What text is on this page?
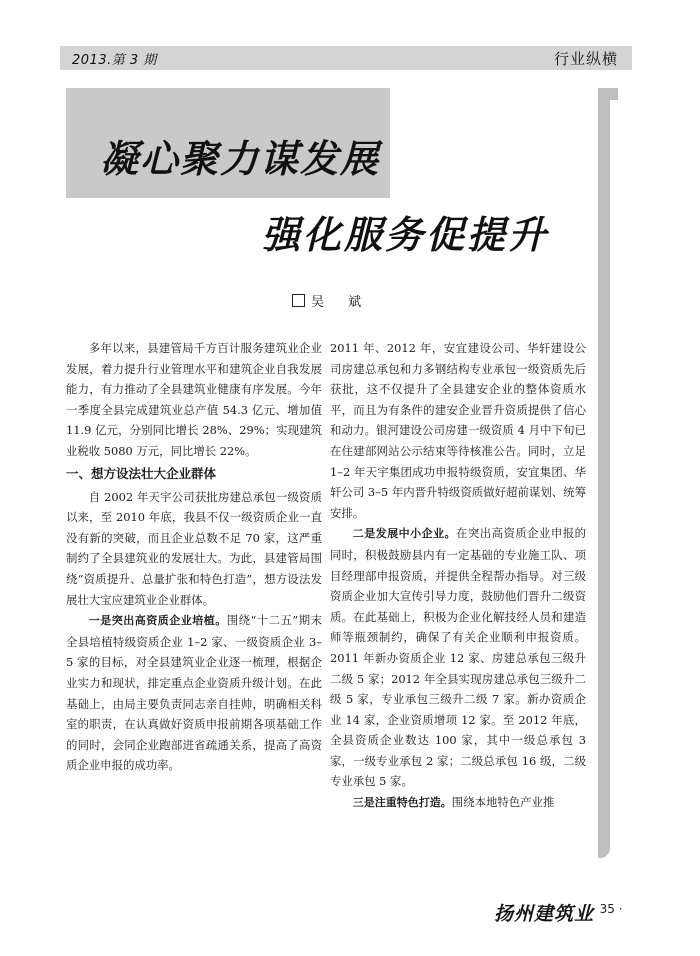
2013.第 3 期	行业纵横
凝心聚力谋发展
强化服务促提升
吴 斌

多年以来，县建管局千方百计服务建筑业企业发展，着力提升行业管理水平和建筑企业自我发展能力，有力推动了全县建筑业健康有序发展。今年一季度全县完成建筑业总产值 54.3 亿元、增加值 11.9 亿元，分别同比增长 28%、29%；实现建筑业税收 5080 万元，同比增长 22%。

一、想方设法壮大企业群体

自 2002 年天宇公司获批房建总承包一级资质以来，至 2010 年底，我县不仅一级资质企业一直没有新的突破，而且企业总数不足 70 家，这严重制约了全县建筑业的发展壮大。为此，县建管局围绕“资质提升、总量扩张和特色打造”，想方设法发展壮大宝应建筑业企业群体。

一是突出高资质企业培植。围绕“十二五”期末全县培植特级资质企业 1–2 家、一级资质企业 3–5 家的目标，对全县建筑业企业逐一梳理，根据企业实力和现状，排定重点企业资质升级计划。在此基础上，由局主要负责同志亲自挂帅，明确相关科室的职责，在认真做好资质申报前期各项基础工作的同时，会同企业跑部进省疏通关系，提高了高资质企业申报的成功率。

2011 年、2012 年，安宜建设公司、华轩建设公司房建总承包和力多钢结构专业承包一级资质先后获批，这不仅提升了全县建安企业的整体资质水平，而且为有条件的建安企业晋升资质提供了信心和动力。银河建设公司房建一级资质 4 月中下旬已在住建部网站公示结束等待核准公告。同时，立足 1–2 年天宇集团成功申报特级资质，安宜集团、华轩公司 3–5 年内晋升特级资质做好超前谋划、统筹安排。

二是发展中小企业。在突出高资质企业申报的同时，积极鼓励县内有一定基础的专业施工队、项目经理部申报资质，并提供全程帮办指导。对三级资质企业加大宣传引导力度，鼓励他们晋升二级资质。在此基础上，积极为企业化解技经人员和建造师等瓶颈制约，确保了有关企业顺利申报资质。2011 年新办资质企业 12 家、房建总承包三级升二级 5 家；2012 年全县实现房建总承包三级升二级 5 家，专业承包三级升二级 7 家。新办资质企业 14 家，企业资质增项 12 家。至 2012 年底，全县资质企业数达 100 家，其中一级总承包 3 家，一级专业承包 2 家；二级总承包 16 级，二级专业承包 5 家。

三是注重特色打造。围绕本地特色产业推

扬州建筑业
· 35 ·
